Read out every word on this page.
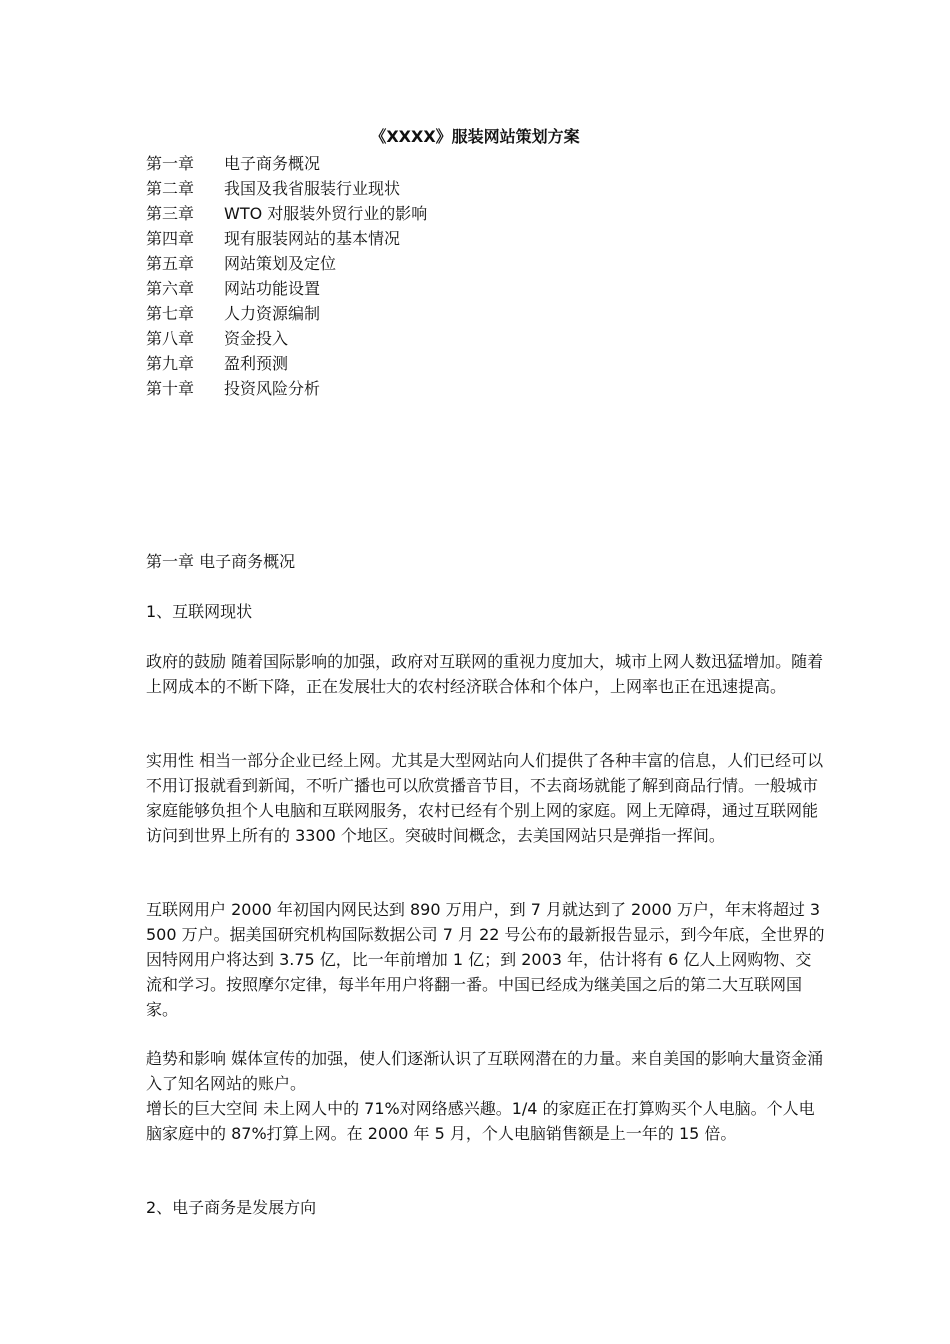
《XXXX》服装网站策划方案
第一章 电子商务概况
第二章 我国及我省服装行业现状
第三章 WTO 对服装外贸行业的影响
第四章 现有服装网站的基本情况
第五章 网站策划及定位
第六章 网站功能设置
第七章 人力资源编制
第八章 资金投入
第九章 盈利预测
第十章 投资风险分析

第一章 电子商务概况

1、互联网现状

政府的鼓励 随着国际影响的加强，政府对互联网的重视力度加大，城市上网人数迅猛增加。随着上网成本的不断下降，正在发展壮大的农村经济联合体和个体户，上网率也正在迅速提高。

实用性 相当一部分企业已经上网。尤其是大型网站向人们提供了各种丰富的信息，人们已经可以不用订报就看到新闻，不听广播也可以欣赏播音节目，不去商场就能了解到商品行情。一般城市家庭能够负担个人电脑和互联网服务，农村已经有个别上网的家庭。网上无障碍，通过互联网能访问到世界上所有的 3300 个地区。突破时间概念，去美国网站只是弹指一挥间。

互联网用户 2000 年初国内网民达到 890 万用户，到 7 月就达到了 2000 万户，年末将超过 3500 万户。据美国研究机构国际数据公司 7 月 22 号公布的最新报告显示，到今年底，全世界的因特网用户将达到 3.75 亿，比一年前增加 1 亿；到 2003 年，估计将有 6 亿人上网购物、交流和学习。按照摩尔定律，每半年用户将翻一番。中国已经成为继美国之后的第二大互联网国家。

趋势和影响 媒体宣传的加强，使人们逐渐认识了互联网潜在的力量。来自美国的影响大量资金涌入了知名网站的账户。

增长的巨大空间 未上网人中的 71%对网络感兴趣。1/4 的家庭正在打算购买个人电脑。个人电脑家庭中的 87%打算上网。在 2000 年 5 月，个人电脑销售额是上一年的 15 倍。

2、电子商务是发展方向
